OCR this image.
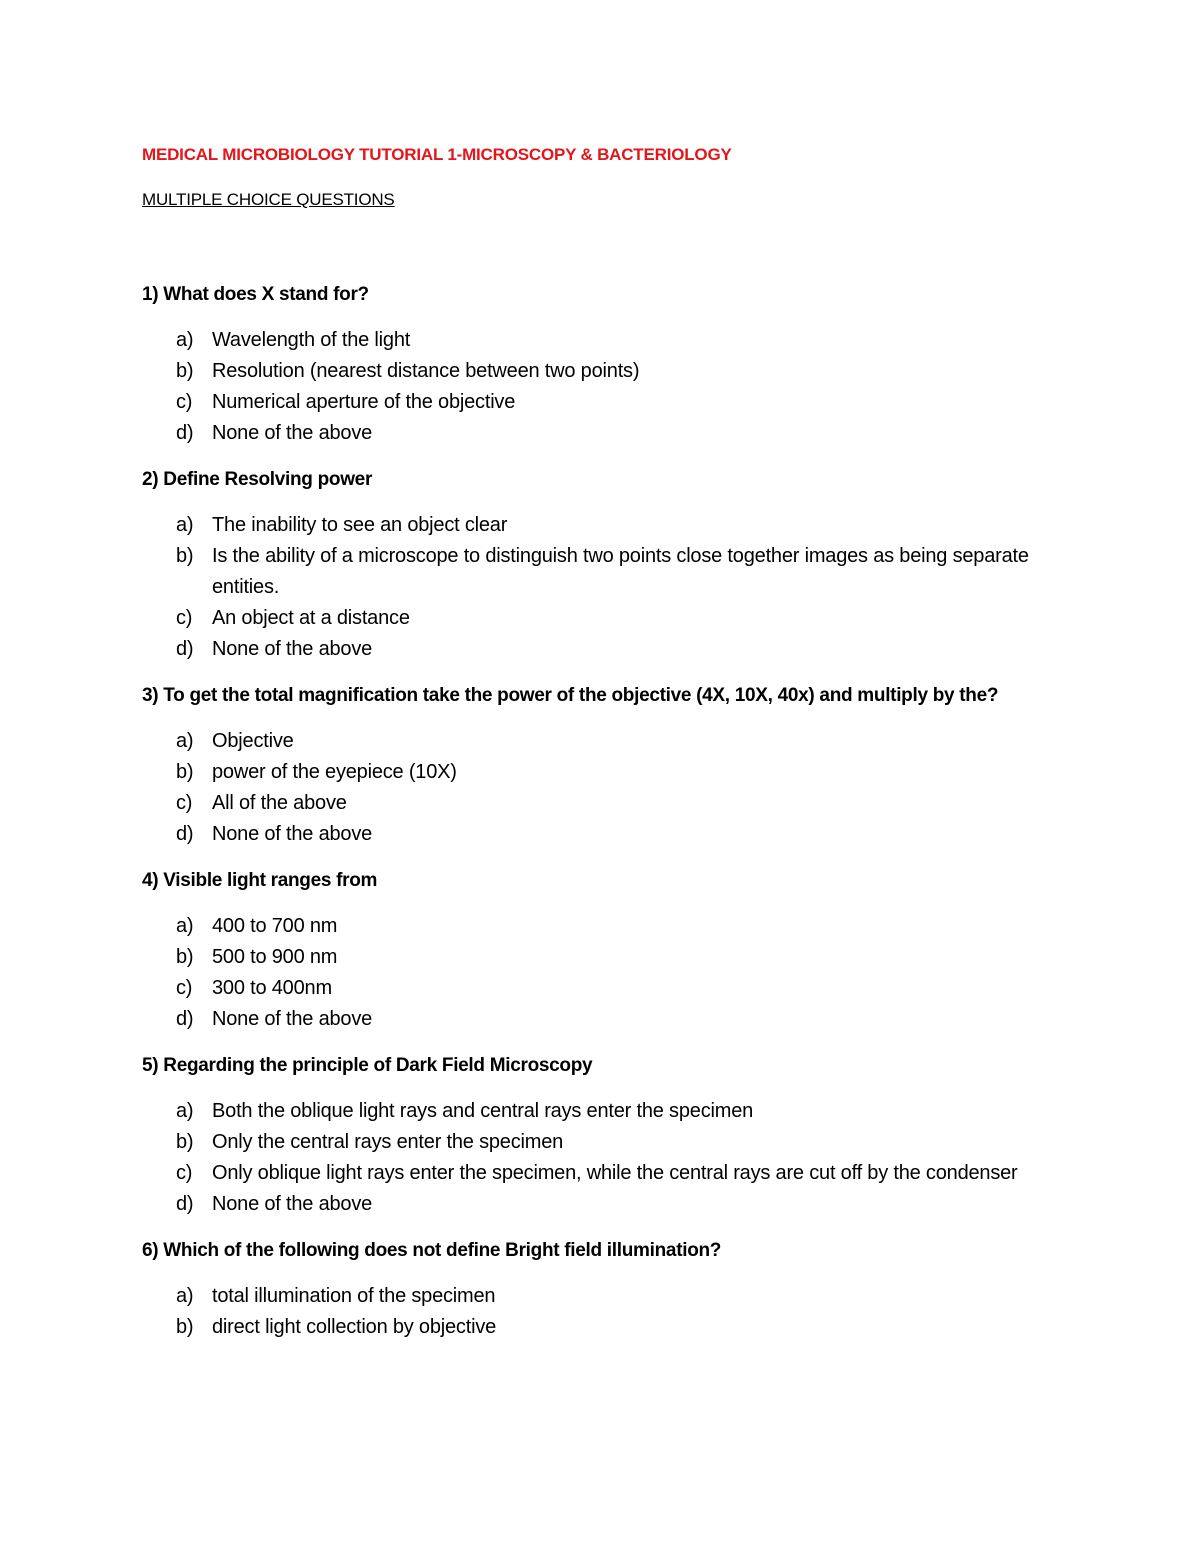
MEDICAL MICROBIOLOGY TUTORIAL 1-MICROSCOPY & BACTERIOLOGY
MULTIPLE CHOICE QUESTIONS

1) What does X stand for?

a) Wavelength of the light
b) Resolution (nearest distance between two points)
c) Numerical aperture of the objective
d) None of the above

2) Define Resolving power

a) The inability to see an object clear
b) Is the ability of a microscope to distinguish two points close together images as being separate entities.
c) An object at a distance
d) None of the above

3) To get the total magnification take the power of the objective (4X, 10X, 40x) and multiply by the?

a) Objective
b) power of the eyepiece (10X)
c) All of the above
d) None of the above

4) Visible light ranges from

a) 400 to 700 nm
b) 500 to 900 nm
c) 300 to 400nm
d) None of the above

5) Regarding the principle of Dark Field Microscopy

a) Both the oblique light rays and central rays enter the specimen
b) Only the central rays enter the specimen
c) Only oblique light rays enter the specimen, while the central rays are cut off by the condenser
d) None of the above

6) Which of the following does not define Bright field illumination?

a) total illumination of the specimen
b) direct light collection by objective
